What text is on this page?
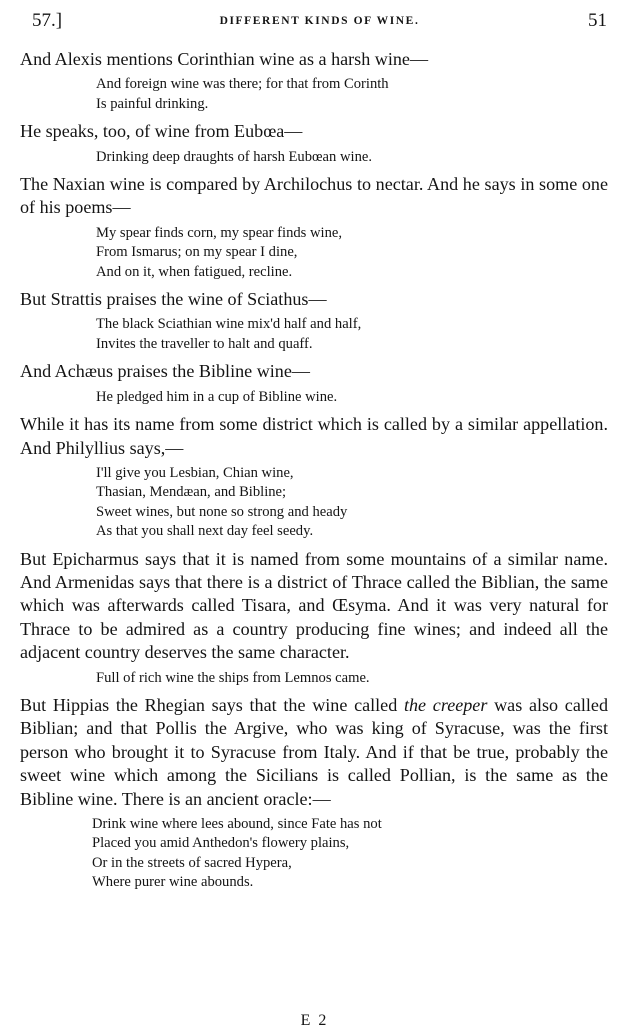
57.]	DIFFERENT KINDS OF WINE.	51

And Alexis mentions Corinthian wine as a harsh wine—

And foreign wine was there; for that from Corinth
Is painful drinking.

He speaks, too, of wine from Eubœa—

Drinking deep draughts of harsh Eubœan wine.

The Naxian wine is compared by Archilochus to nectar. And he says in some one of his poems—

My spear finds corn, my spear finds wine,
From Ismarus; on my spear I dine,
And on it, when fatigued, recline.

But Strattis praises the wine of Sciathus—

The black Sciathian wine mix'd half and half,
Invites the traveller to halt and quaff.

And Achæus praises the Bibline wine—

He pledged him in a cup of Bibline wine.

While it has its name from some district which is called by a similar appellation. And Philyllius says,—

I'll give you Lesbian, Chian wine,
Thasian, Mendæan, and Bibline;
Sweet wines, but none so strong and heady
As that you shall next day feel seedy.

But Epicharmus says that it is named from some mountains of a similar name. And Armenidas says that there is a district of Thrace called the Biblian, the same which was afterwards called Tisara, and Œsyma. And it was very natural for Thrace to be admired as a country producing fine wines; and indeed all the adjacent country deserves the same character.

Full of rich wine the ships from Lemnos came.

But Hippias the Rhegian says that the wine called the creeper was also called Biblian; and that Pollis the Argive, who was king of Syracuse, was the first person who brought it to Syracuse from Italy. And if that be true, probably the sweet wine which among the Sicilians is called Pollian, is the same as the Bibline wine. There is an ancient oracle:—

Drink wine where lees abound, since Fate has not
Placed you amid Anthedon's flowery plains,
Or in the streets of sacred Hypera,
Where purer wine abounds.
E 2
